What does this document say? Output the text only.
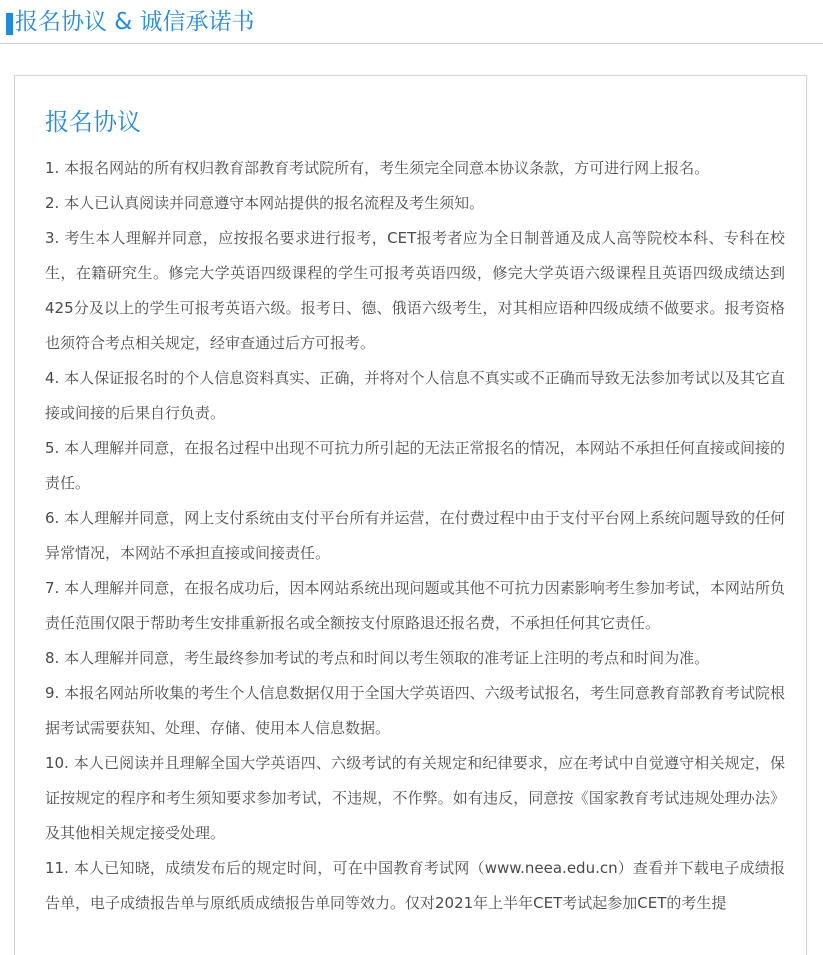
报名协议 & 诚信承诺书
报名协议
1. 本报名网站的所有权归教育部教育考试院所有，考生须完全同意本协议条款，方可进行网上报名。
2. 本人已认真阅读并同意遵守本网站提供的报名流程及考生须知。
3. 考生本人理解并同意，应按报名要求进行报考，CET报考者应为全日制普通及成人高等院校本科、专科在校生，在籍研究生。修完大学英语四级课程的学生可报考英语四级，修完大学英语六级课程且英语四级成绩达到425分及以上的学生可报考英语六级。报考日、德、俄语六级考生，对其相应语种四级成绩不做要求。报考资格也须符合考点相关规定，经审查通过后方可报考。
4. 本人保证报名时的个人信息资料真实、正确，并将对个人信息不真实或不正确而导致无法参加考试以及其它直接或间接的后果自行负责。
5. 本人理解并同意，在报名过程中出现不可抗力所引起的无法正常报名的情况，本网站不承担任何直接或间接的责任。
6. 本人理解并同意，网上支付系统由支付平台所有并运营，在付费过程中由于支付平台网上系统问题导致的任何异常情况，本网站不承担直接或间接责任。
7. 本人理解并同意，在报名成功后，因本网站系统出现问题或其他不可抗力因素影响考生参加考试，本网站所负责任范围仅限于帮助考生安排重新报名或全额按支付原路退还报名费，不承担任何其它责任。
8. 本人理解并同意，考生最终参加考试的考点和时间以考生领取的准考证上注明的考点和时间为准。
9. 本报名网站所收集的考生个人信息数据仅用于全国大学英语四、六级考试报名，考生同意教育部教育考试院根据考试需要获知、处理、存储、使用本人信息数据。
10. 本人已阅读并且理解全国大学英语四、六级考试的有关规定和纪律要求，应在考试中自觉遵守相关规定，保证按规定的程序和考生须知要求参加考试，不违规，不作弊。如有违反，同意按《国家教育考试违规处理办法》及其他相关规定接受处理。
11. 本人已知晓，成绩发布后的规定时间，可在中国教育考试网（www.neea.edu.cn）查看并下载电子成绩报告单，电子成绩报告单与原纸质成绩报告单同等效力。仅对2021年上半年CET考试起参加CET的考生提
